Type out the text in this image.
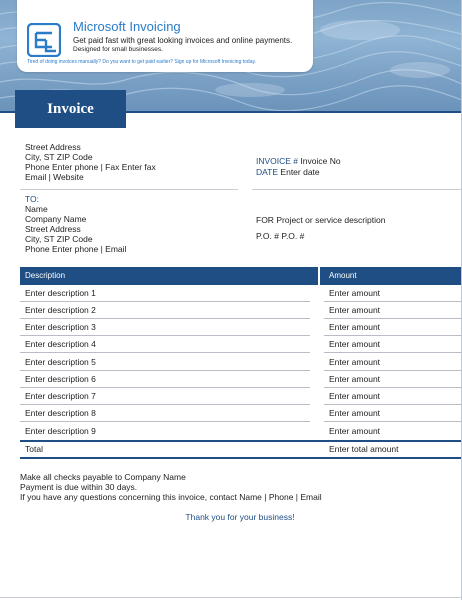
Microsoft Invoicing
Get paid fast with great looking invoices and online payments.
Designed for small businesses.
Tired of doing invoices manually? Do you want to get paid earlier? Sign up for Microsoft Invoicing today.
Invoice
Street Address
City, ST ZIP Code
Phone Enter phone | Fax Enter fax
Email | Website
INVOICE # Invoice No
DATE Enter date
TO:
Name
Company Name
Street Address
City, ST ZIP Code
Phone Enter phone | Email
FOR Project or service description
P.O. # P.O. #
Description	Amount
Enter description 1	Enter amount
Enter description 2	Enter amount
Enter description 3	Enter amount
Enter description 4	Enter amount
Enter description 5	Enter amount
Enter description 6	Enter amount
Enter description 7	Enter amount
Enter description 8	Enter amount
Enter description 9	Enter amount
Total	Enter total amount
Make all checks payable to Company Name
Payment is due within 30 days.
If you have any questions concerning this invoice, contact Name | Phone | Email
Thank you for your business!
